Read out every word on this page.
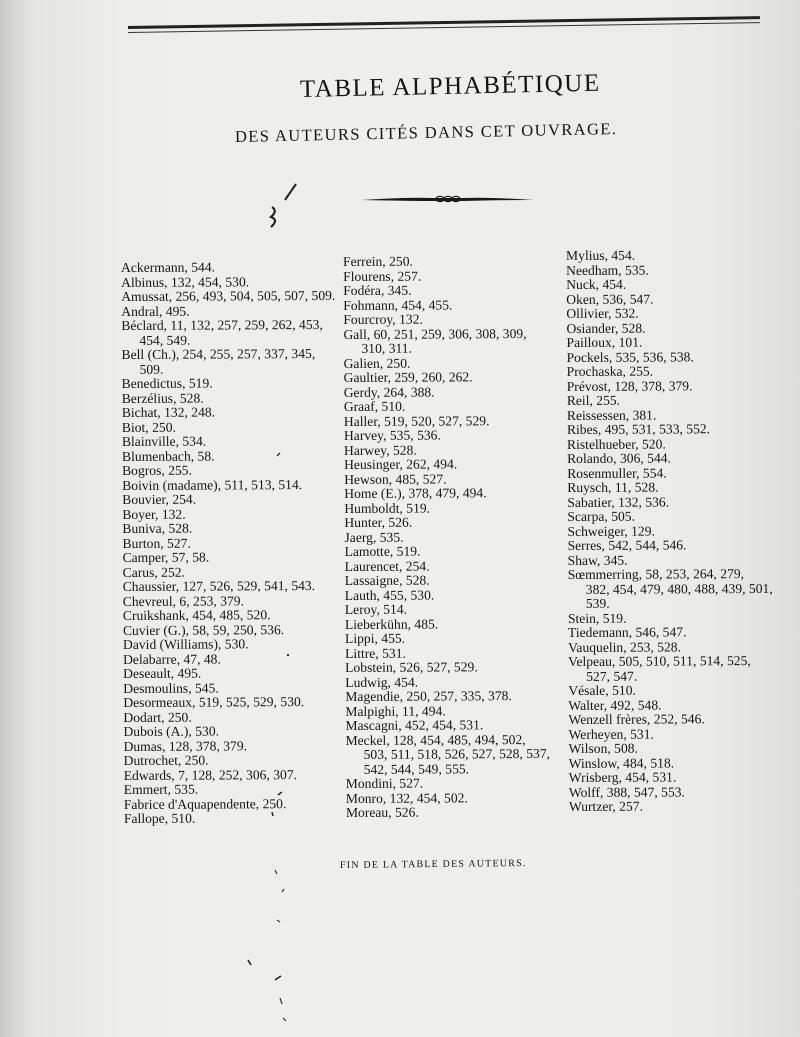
TABLE ALPHABÉTIQUE
DES AUTEURS CITÉS DANS CET OUVRAGE.
Ackermann, 544.
Albinus, 132, 454, 530.
Amussat, 256, 493, 504, 505, 507, 509.
Andral, 495.
Béclard, 11, 132, 257, 259, 262, 453,
454, 549.
Bell (Ch.), 254, 255, 257, 337, 345,
509.
Benedictus, 519.
Berzélius, 528.
Bichat, 132, 248.
Biot, 250.
Blainville, 534.
Blumenbach, 58.
Bogros, 255.
Boivin (madame), 511, 513, 514.
Bouvier, 254.
Boyer, 132.
Buniva, 528.
Burton, 527.
Camper, 57, 58.
Carus, 252.
Chaussier, 127, 526, 529, 541, 543.
Chevreul, 6, 253, 379.
Cruikshank, 454, 485, 520.
Cuvier (G.), 58, 59, 250, 536.
David (Williams), 530.
Delabarre, 47, 48.
Deseault, 495.
Desmoulins, 545.
Desormeaux, 519, 525, 529, 530.
Dodart, 250.
Dubois (A.), 530.
Dumas, 128, 378, 379.
Dutrochet, 250.
Edwards, 7, 128, 252, 306, 307.
Emmert, 535.
Fabrice d'Aquapendente, 250.
Fallope, 510.
Ferrein, 250.
Flourens, 257.
Fodéra, 345.
Fohmann, 454, 455.
Fourcroy, 132.
Gall, 60, 251, 259, 306, 308, 309,
310, 311.
Galien, 250.
Gaultier, 259, 260, 262.
Gerdy, 264, 388.
Graaf, 510.
Haller, 519, 520, 527, 529.
Harvey, 535, 536.
Harwey, 528.
Heusinger, 262, 494.
Hewson, 485, 527.
Home (E.), 378, 479, 494.
Humboldt, 519.
Hunter, 526.
Jaerg, 535.
Lamotte, 519.
Laurencet, 254.
Lassaigne, 528.
Lauth, 455, 530.
Leroy, 514.
Lieberkühn, 485.
Lippi, 455.
Littre, 531.
Lobstein, 526, 527, 529.
Ludwig, 454.
Magendie, 250, 257, 335, 378.
Malpighi, 11, 494.
Mascagni, 452, 454, 531.
Meckel, 128, 454, 485, 494, 502,
503, 511, 518, 526, 527, 528, 537,
542, 544, 549, 555.
Mondini, 527.
Monro, 132, 454, 502.
Moreau, 526.
Mylius, 454.
Needham, 535.
Nuck, 454.
Oken, 536, 547.
Ollivier, 532.
Osiander, 528.
Pailloux, 101.
Pockels, 535, 536, 538.
Prochaska, 255.
Prévost, 128, 378, 379.
Reil, 255.
Reissessen, 381.
Ribes, 495, 531, 533, 552.
Ristelhueber, 520.
Rolando, 306, 544.
Rosenmuller, 554.
Ruysch, 11, 528.
Sabatier, 132, 536.
Scarpa, 505.
Schweiger, 129.
Serres, 542, 544, 546.
Shaw, 345.
Sœmmerring, 58, 253, 264, 279,
382, 454, 479, 480, 488, 439, 501,
539.
Stein, 519.
Tiedemann, 546, 547.
Vauquelin, 253, 528.
Velpeau, 505, 510, 511, 514, 525,
527, 547.
Vésale, 510.
Walter, 492, 548.
Wenzell frères, 252, 546.
Werheyen, 531.
Wilson, 508.
Winslow, 484, 518.
Wrisberg, 454, 531.
Wolff, 388, 547, 553.
Wurtzer, 257.
FIN DE LA TABLE DES AUTEURS.
